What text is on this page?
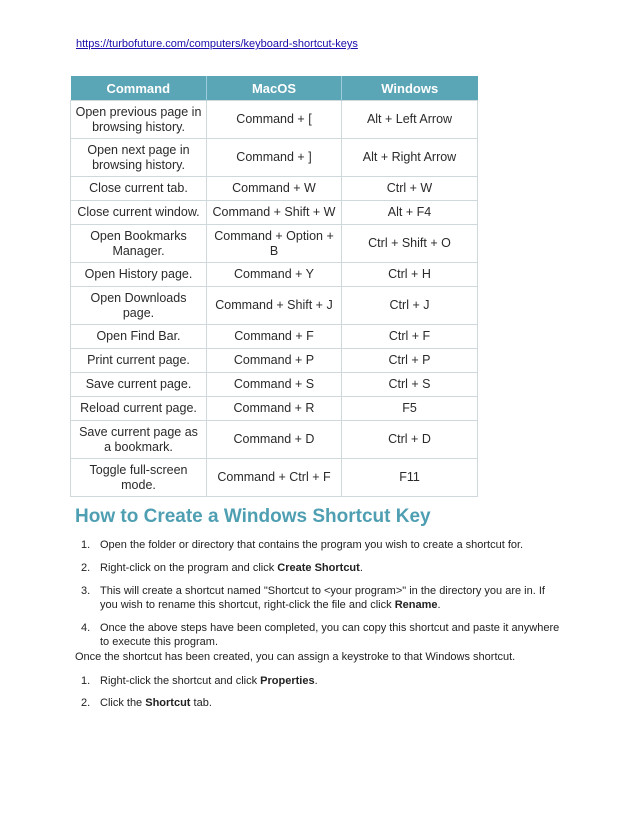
https://turbofuture.com/computers/keyboard-shortcut-keys
Command	MacOS	Windows
Open previous page in browsing history.	Command + [	Alt + Left Arrow
Open next page in browsing history.	Command + ]	Alt + Right Arrow
Close current tab.	Command + W	Ctrl + W
Close current window.	Command + Shift + W	Alt + F4
Open Bookmarks Manager.	Command + Option + B	Ctrl + Shift + O
Open History page.	Command + Y	Ctrl + H
Open Downloads page.	Command + Shift + J	Ctrl + J
Open Find Bar.	Command + F	Ctrl + F
Print current page.	Command + P	Ctrl + P
Save current page.	Command + S	Ctrl + S
Reload current page.	Command + R	F5
Save current page as a bookmark.	Command + D	Ctrl + D
Toggle full-screen mode.	Command + Ctrl + F	F11
How to Create a Windows Shortcut Key
1. Open the folder or directory that contains the program you wish to create a shortcut for.
2. Right-click on the program and click Create Shortcut.
3. This will create a shortcut named "Shortcut to <your program>" in the directory you are in. If you wish to rename this shortcut, right-click the file and click Rename.
4. Once the above steps have been completed, you can copy this shortcut and paste it anywhere to execute this program.

Once the shortcut has been created, you can assign a keystroke to that Windows shortcut.

1. Right-click the shortcut and click Properties.
2. Click the Shortcut tab.
